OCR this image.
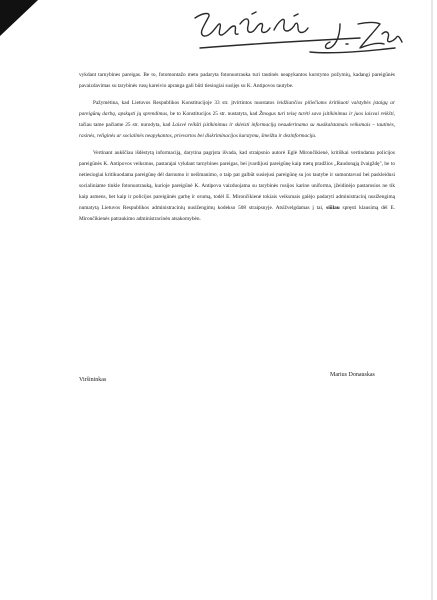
vykdant tarnybines pareigas. Be to, fotomontažo metu padaryta fotonuotrauka turi tautinės neapykantos kurstymo požymių, kadangi pareigūnės pavaizdavimas su tarybinės rusų kareivio apranga gali būti tiesiogiai susijęs su K. Antipovos tautybe.

Pažymėtina, kad Lietuvos Respublikos Konstitucijoje 33 str. įtvirtintos nuostatos leidžiančios piliečiams kritikuoti valstybės įstaigų ar pareigūnų darbą, apskųsti jų sprendimus, be to Konstitucijos 25 str. nustatyta, kad Žmogus turi teisę turėti savo įsitikinimus ir juos laisvai reikšti, tačiau tame pačiame 25 str. nurodyta, kad Laisvė reikšti įsitikinimus ir skleisti informaciją nesuderinama su nusikalstamais veiksmais – tautinės, rasinės, religinės ar socialinės neapykantos, prievartos bei diskriminacijos kurstymu, šmeižtu ir dezinformacija.

Vertinant aukščiau išdėstytą informaciją, darytina pagrįsta išvada, kad straipsnio autorė Eglė Mirončikienė, kritiškai vertindama policijos pareigūnės K. Antipovos veiksmus, pastarajai vykdant tarnybines pareigas, bei įvardijusi pareigūnę kaip metų pradžios „Raudonąją žvaigždę", be to netiesiogiai kritikuodama pareigūnę dėl darnumo ir neišmanimo, o taip pat galbūt susiejusi pareigūnę su jos tautybe ir sumontavusi bei paskleidusi socialiniame tinkle fotonuotrauką, kurioje pareigūnė K. Antipova vaizduojama su tarybinės rusijos karine uniforma, įžeidinėjo pastarosios ne tik kaip asmens, bet kaip ir policijos pareigūnės garbę ir orumą, todėl E. Mirončikienė tokiais veiksmais galėjo padaryti administracinį nusižengimą numatytą Lietuvos Respublikos administracinių nusižengimų kodekso 508 straipsnyje. Atsižvelgdamas į tai, siūlau spręsti klausimą dėl E. Mirončikienės patraukimo administracinėn atsakomybėn.

Viršininkas
Marius Donauskas
